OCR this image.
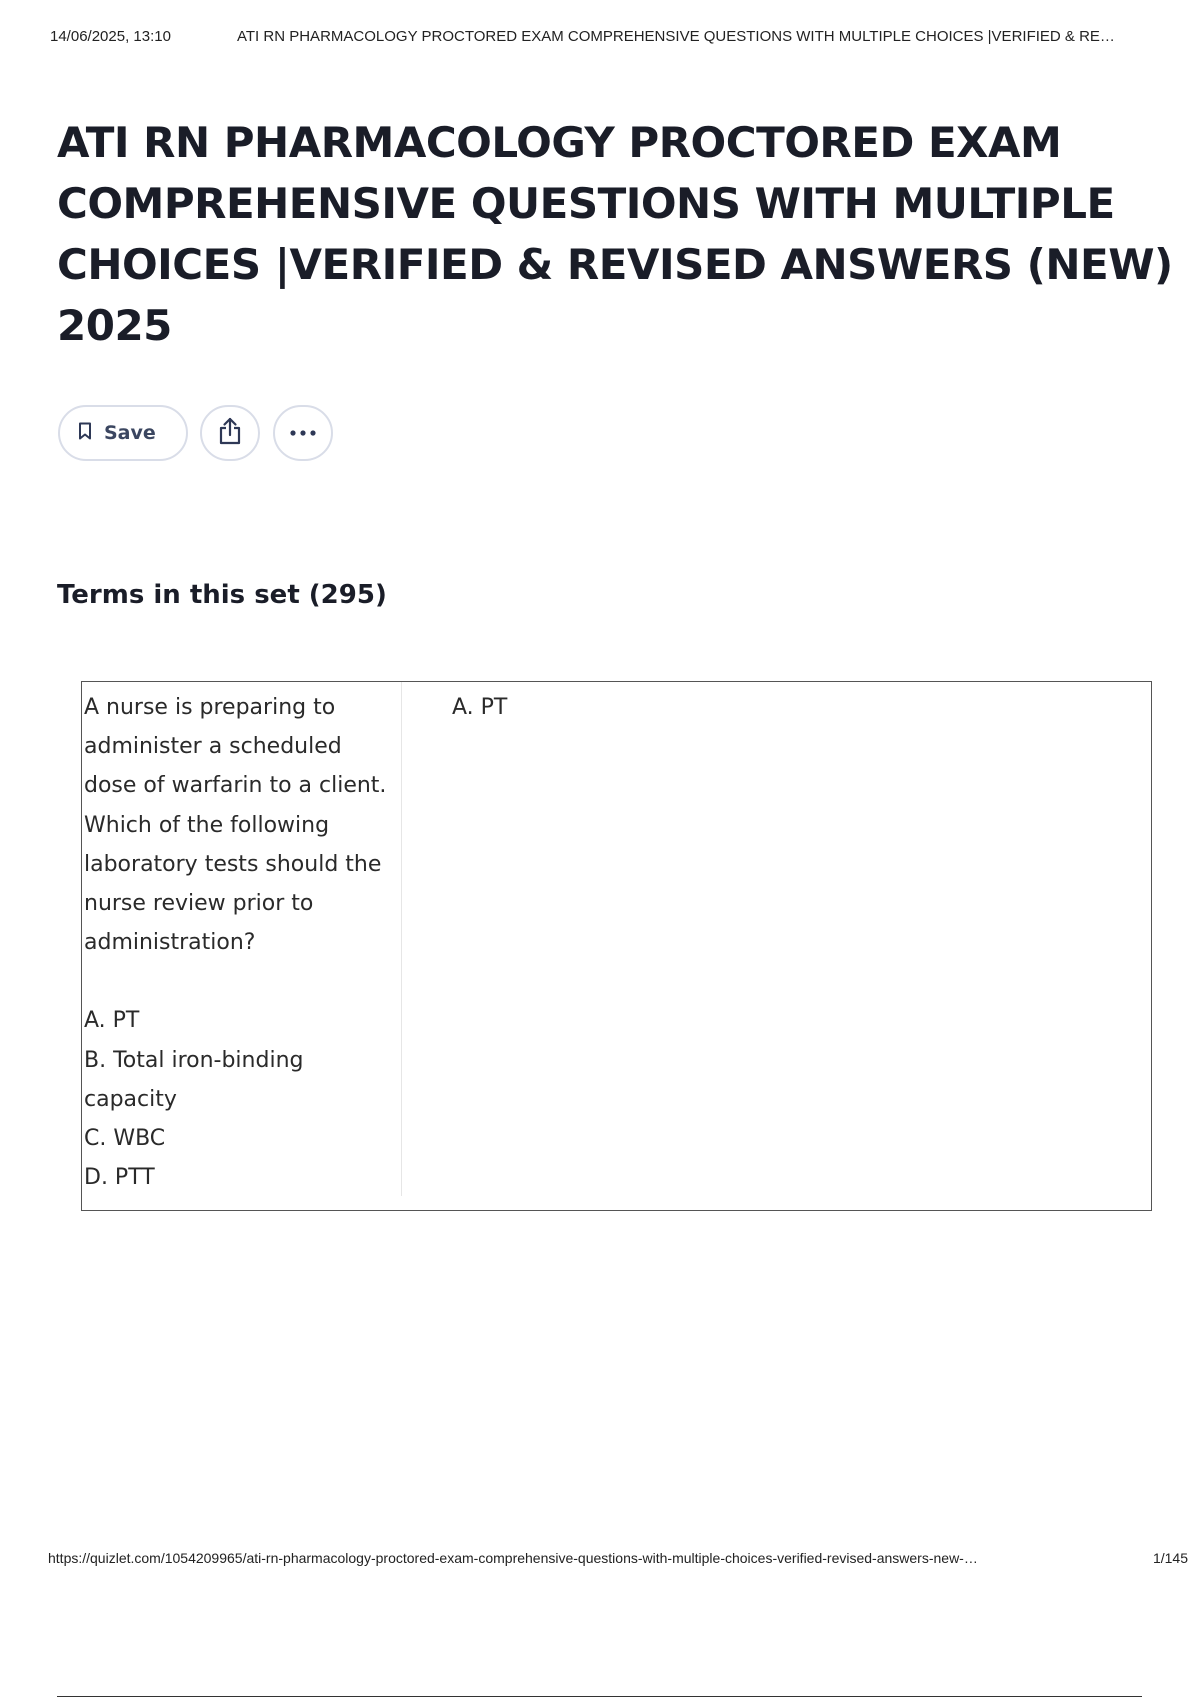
14/06/2025, 13:10	ATI RN PHARMACOLOGY PROCTORED EXAM COMPREHENSIVE QUESTIONS WITH MULTIPLE CHOICES |VERIFIED & RE…
ATI RN PHARMACOLOGY PROCTORED EXAM COMPREHENSIVE QUESTIONS WITH MULTIPLE CHOICES |VERIFIED & REVISED ANSWERS (NEW) 2025
Save
Terms in this set (295)

A nurse is preparing to administer a scheduled dose of warfarin to a client. Which of the following laboratory tests should the nurse review prior to administration?

A. PT
B. Total iron-binding capacity
C. WBC
D. PTT
A. PT
https://quizlet.com/1054209965/ati-rn-pharmacology-proctored-exam-comprehensive-questions-with-multiple-choices-verified-revised-answers-new-…	1/145
